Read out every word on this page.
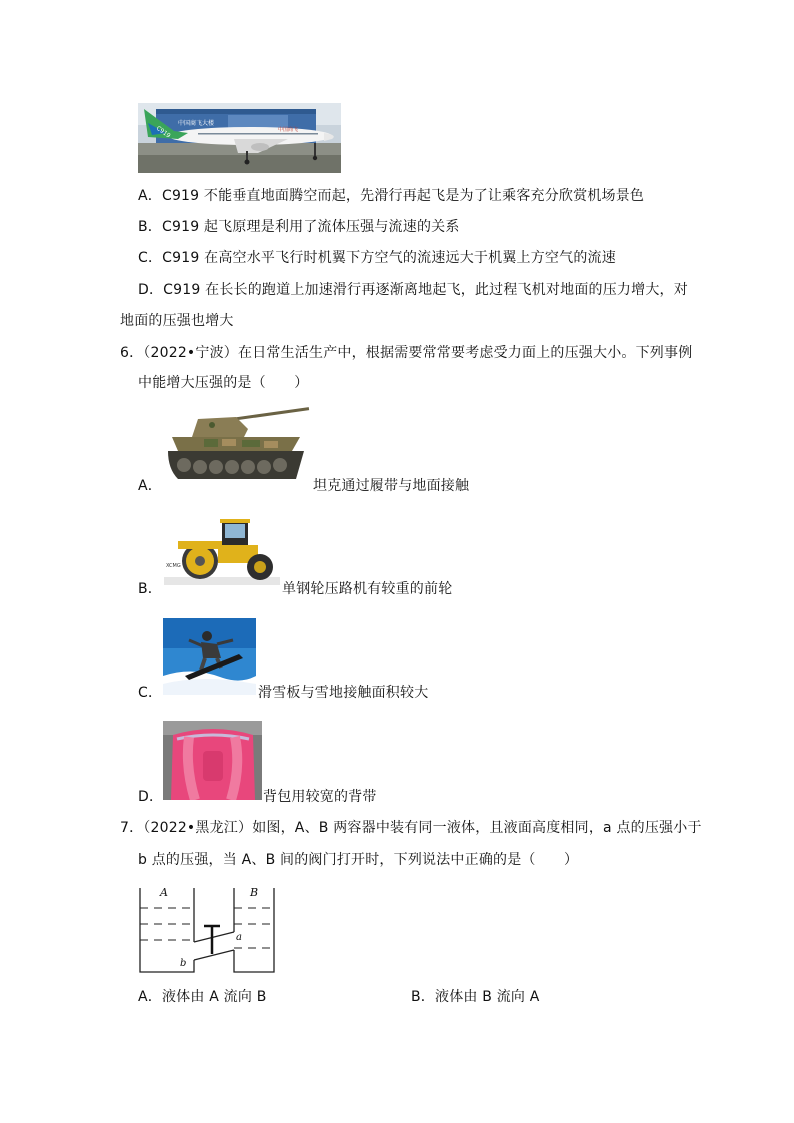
中国商飞大楼
C919	中国商飞
A．C919 不能垂直地面腾空而起，先滑行再起飞是为了让乘客充分欣赏机场景色
B．C919 起飞原理是利用了流体压强与流速的关系
C．C919 在高空水平飞行时机翼下方空气的流速远大于机翼上方空气的流速
D．C919 在长长的跑道上加速滑行再逐渐离地起飞，此过程飞机对地面的压力增大，对
地面的压强也增大
6．（2022•宁波）在日常生活生产中，根据需要常常要考虑受力面上的压强大小。下列事例
中能增大压强的是（　　）
A．	坦克通过履带与地面接触
XCMG
B．	单钢轮压路机有较重的前轮
C．	滑雪板与雪地接触面积较大
D．	背包用较宽的背带
7．（2022•黑龙江）如图，A、B 两容器中装有同一液体，且液面高度相同，a 点的压强小于
b 点的压强，当 A、B 间的阀门打开时，下列说法中正确的是（　　）
A	B
a
b
A．液体由 A 流向 B	B．液体由 B 流向 A
